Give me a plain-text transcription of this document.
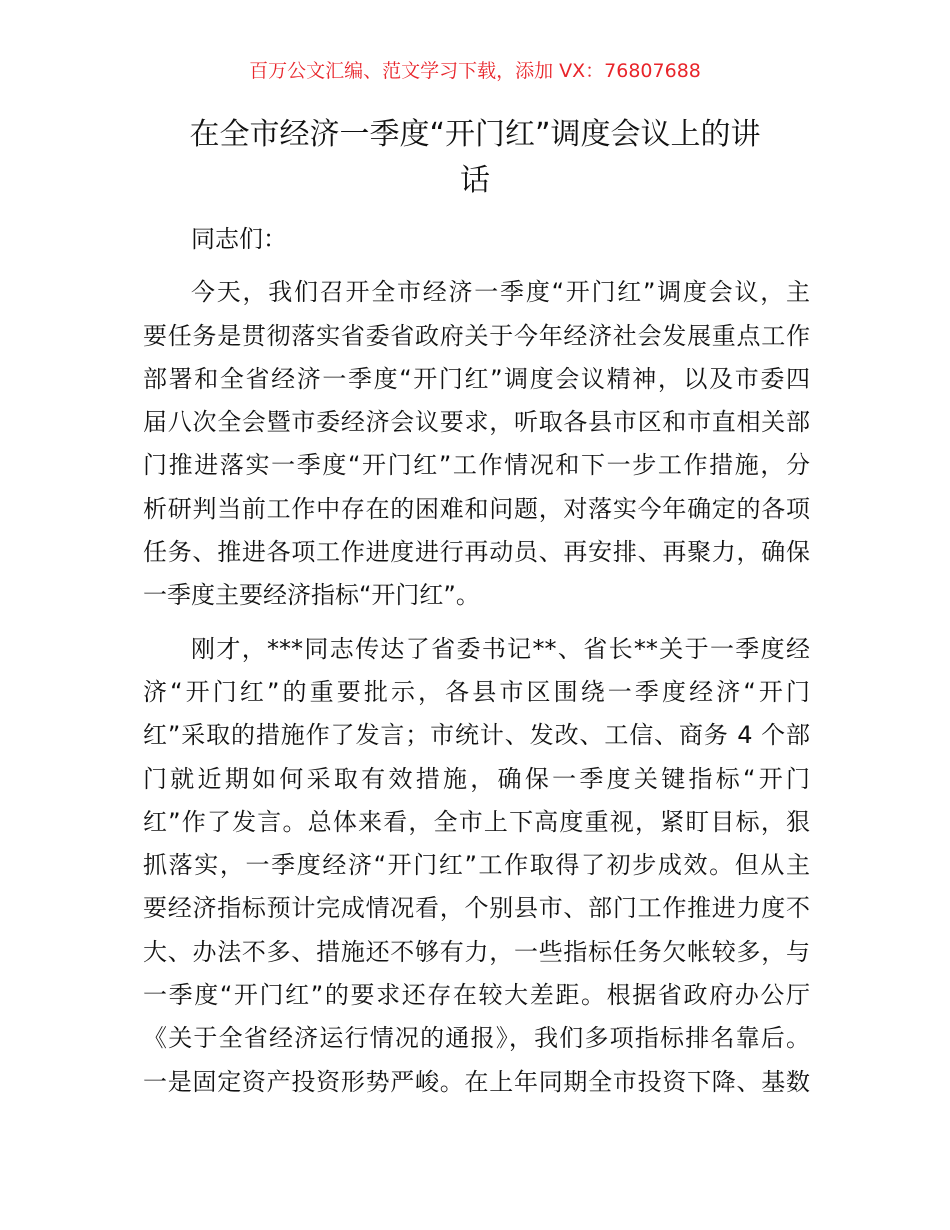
百万公文汇编、范文学习下载，添加 VX：76807688
在全市经济一季度“开门红”调度会议上的讲
话
同志们：
今天，我们召开全市经济一季度“开门红”调度会议，主
要任务是贯彻落实省委省政府关于今年经济社会发展重点工作
部署和全省经济一季度“开门红”调度会议精神，以及市委四
届八次全会暨市委经济会议要求，听取各县市区和市直相关部
门推进落实一季度“开门红”工作情况和下一步工作措施，分
析研判当前工作中存在的困难和问题，对落实今年确定的各项
任务、推进各项工作进度进行再动员、再安排、再聚力，确保
一季度主要经济指标“开门红”。
刚才，***同志传达了省委书记**、省长**关于一季度经
济“开门红”的重要批示，各县市区围绕一季度经济“开门
红”采取的措施作了发言；市统计、发改、工信、商务 4 个部
门就近期如何采取有效措施，确保一季度关键指标“开门
红”作了发言。总体来看，全市上下高度重视，紧盯目标，狠
抓落实，一季度经济“开门红”工作取得了初步成效。但从主
要经济指标预计完成情况看，个别县市、部门工作推进力度不
大、办法不多、措施还不够有力，一些指标任务欠帐较多，与
一季度“开门红”的要求还存在较大差距。根据省政府办公厅
《关于全省经济运行情况的通报》，我们多项指标排名靠后。
一是固定资产投资形势严峻。在上年同期全市投资下降、基数
